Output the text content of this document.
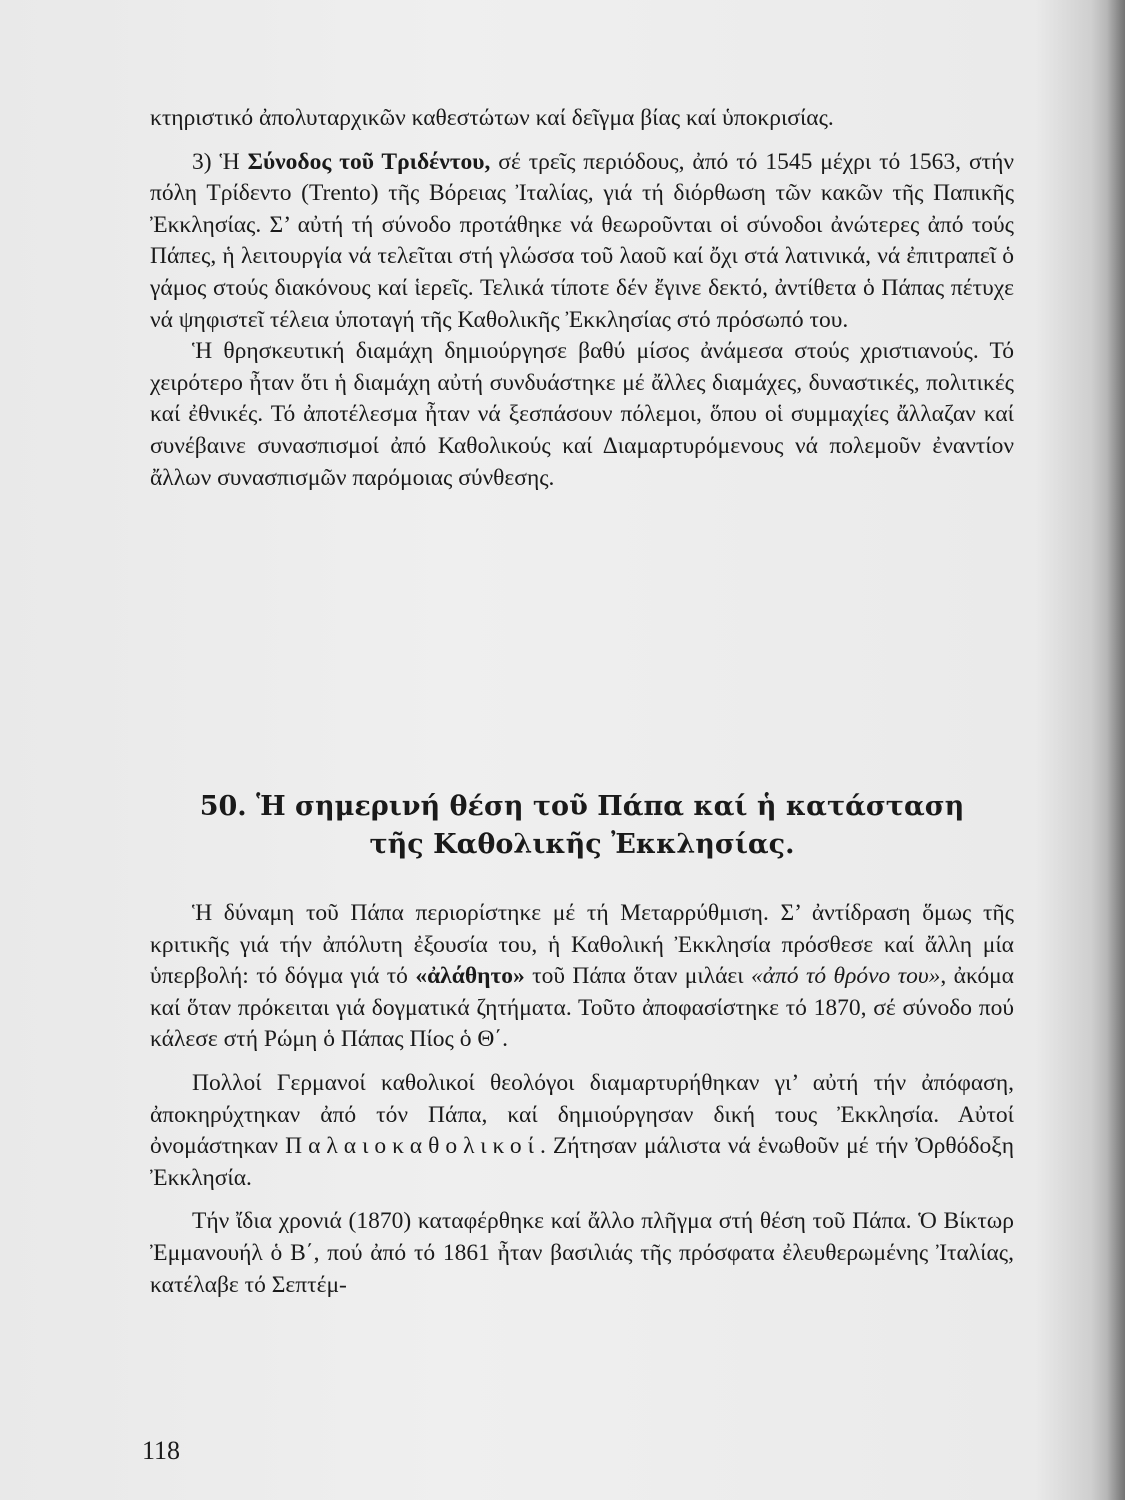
κτηριστικό ἀπολυταρχικῶν καθεστώτων καί δεῖγμα βίας καί ὑποκρισίας.

3) Ἡ Σύνοδος τοῦ Τριδέντου, σέ τρεῖς περιόδους, ἀπό τό 1545 μέχρι τό 1563, στήν πόλη Τρίδεντο (Trento) τῆς Βόρειας Ἰταλίας, γιά τή διόρθωση τῶν κακῶν τῆς Παπικῆς Ἐκκλησίας. Σ’ αὐτή τή σύνοδο προτάθηκε νά θεωροῦνται οἱ σύνοδοι ἀνώτερες ἀπό τούς Πάπες, ἡ λειτουργία νά τελεῖται στή γλώσσα τοῦ λαοῦ καί ὄχι στά λατινικά, νά ἐπιτραπεῖ ὁ γάμος στούς διακόνους καί ἱερεῖς. Τελικά τίποτε δέν ἔγινε δεκτό, ἀντίθετα ὁ Πάπας πέτυχε νά ψηφιστεῖ τέλεια ὑποταγή τῆς Καθολικῆς Ἐκκλησίας στό πρόσωπό του.

Ἡ θρησκευτική διαμάχη δημιούργησε βαθύ μίσος ἀνάμεσα στούς χριστιανούς. Τό χειρότερο ἦταν ὅτι ἡ διαμάχη αὐτή συνδυάστηκε μέ ἄλλες διαμάχες, δυναστικές, πολιτικές καί ἐθνικές. Τό ἀποτέλεσμα ἦταν νά ξεσπάσουν πόλεμοι, ὅπου οἱ συμμαχίες ἄλλαζαν καί συνέβαινε συνασπισμοί ἀπό Καθολικούς καί Διαμαρτυρόμενους νά πολεμοῦν ἐναντίον ἄλλων συνασπισμῶν παρόμοιας σύνθεσης.

50. Ἡ σημερινή θέση τοῦ Πάπα καί ἡ κατάσταση
τῆς Καθολικῆς Ἐκκλησίας.

Ἡ δύναμη τοῦ Πάπα περιορίστηκε μέ τή Μεταρρύθμιση. Σ’ ἀντίδραση ὅμως τῆς κριτικῆς γιά τήν ἀπόλυτη ἐξουσία του, ἡ Καθολική Ἐκκλησία πρόσθεσε καί ἄλλη μία ὑπερβολή: τό δόγμα γιά τό «ἀλάθητο» τοῦ Πάπα ὅταν μιλάει «ἀπό τό θρόνο του», ἀκόμα καί ὅταν πρόκειται γιά δογματικά ζητήματα. Τοῦτο ἀποφασίστηκε τό 1870, σέ σύνοδο πού κάλεσε στή Ρώμη ὁ Πάπας Πίος ὁ Θ΄.

Πολλοί Γερμανοί καθολικοί θεολόγοι διαμαρτυρήθηκαν γι’ αὐτή τήν ἀπόφαση, ἀποκηρύχτηκαν ἀπό τόν Πάπα, καί δημιούργησαν δική τους Ἐκκλησία. Αὐτοί ὀνομάστηκαν Παλαιοκαθολικοί. Ζήτησαν μάλιστα νά ἑνωθοῦν μέ τήν Ὀρθόδοξη Ἐκκλησία.

Τήν ἴδια χρονιά (1870) καταφέρθηκε καί ἄλλο πλῆγμα στή θέση τοῦ Πάπα. Ὁ Βίκτωρ Ἐμμανουήλ ὁ Β΄, πού ἀπό τό 1861 ἦταν βασιλιάς τῆς πρόσφατα ἐλευθερωμένης Ἰταλίας, κατέλαβε τό Σεπτέμ-

118
